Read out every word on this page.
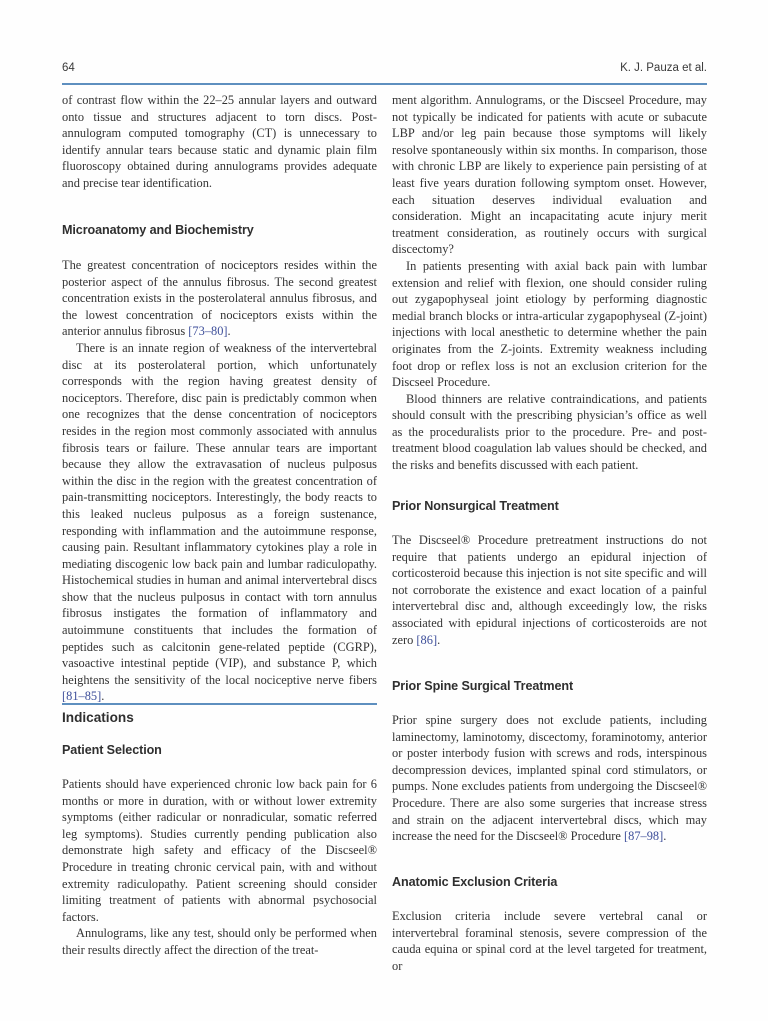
64	K. J. Pauza et al.

of contrast flow within the 22–25 annular layers and outward onto tissue and structures adjacent to torn discs. Post-annulogram computed tomography (CT) is unnecessary to identify annular tears because static and dynamic plain film fluoroscopy obtained during annulograms provides adequate and precise tear identification.

Microanatomy and Biochemistry

The greatest concentration of nociceptors resides within the posterior aspect of the annulus fibrosus. The second greatest concentration exists in the posterolateral annulus fibrosus, and the lowest concentration of nociceptors exists within the anterior annulus fibrosus [73–80].

There is an innate region of weakness of the intervertebral disc at its posterolateral portion, which unfortunately corresponds with the region having greatest density of nociceptors. Therefore, disc pain is predictably common when one recognizes that the dense concentration of nociceptors resides in the region most commonly associated with annulus fibrosis tears or failure. These annular tears are important because they allow the extravasation of nucleus pulposus within the disc in the region with the greatest concentration of pain-transmitting nociceptors. Interestingly, the body reacts to this leaked nucleus pulposus as a foreign sustenance, responding with inflammation and the autoimmune response, causing pain. Resultant inflammatory cytokines play a role in mediating discogenic low back pain and lumbar radiculopathy. Histochemical studies in human and animal intervertebral discs show that the nucleus pulposus in contact with torn annulus fibrosus instigates the formation of inflammatory and autoimmune constituents that includes the formation of peptides such as calcitonin gene-related peptide (CGRP), vasoactive intestinal peptide (VIP), and substance P, which heightens the sensitivity of the local nociceptive nerve fibers [81–85].

Indications
Patient Selection

Patients should have experienced chronic low back pain for 6 months or more in duration, with or without lower extremity symptoms (either radicular or nonradicular, somatic referred leg symptoms). Studies currently pending publication also demonstrate high safety and efficacy of the Discseel® Procedure in treating chronic cervical pain, with and without extremity radiculopathy. Patient screening should consider limiting treatment of patients with abnormal psychosocial factors.

Annulograms, like any test, should only be performed when their results directly affect the direction of the treat-

ment algorithm. Annulograms, or the Discseel Procedure, may not typically be indicated for patients with acute or subacute LBP and/or leg pain because those symptoms will likely resolve spontaneously within six months. In comparison, those with chronic LBP are likely to experience pain persisting of at least five years duration following symptom onset. However, each situation deserves individual evaluation and consideration. Might an incapacitating acute injury merit treatment consideration, as routinely occurs with surgical discectomy?

In patients presenting with axial back pain with lumbar extension and relief with flexion, one should consider ruling out zygapophyseal joint etiology by performing diagnostic medial branch blocks or intra-articular zygapophyseal (Z-joint) injections with local anesthetic to determine whether the pain originates from the Z-joints. Extremity weakness including foot drop or reflex loss is not an exclusion criterion for the Discseel Procedure.

Blood thinners are relative contraindications, and patients should consult with the prescribing physician’s office as well as the proceduralists prior to the procedure. Pre- and post-treatment blood coagulation lab values should be checked, and the risks and benefits discussed with each patient.

Prior Nonsurgical Treatment

The Discseel® Procedure pretreatment instructions do not require that patients undergo an epidural injection of corticosteroid because this injection is not site specific and will not corroborate the existence and exact location of a painful intervertebral disc and, although exceedingly low, the risks associated with epidural injections of corticosteroids are not zero [86].

Prior Spine Surgical Treatment

Prior spine surgery does not exclude patients, including laminectomy, laminotomy, discectomy, foraminotomy, anterior or poster interbody fusion with screws and rods, interspinous decompression devices, implanted spinal cord stimulators, or pumps. None excludes patients from undergoing the Discseel® Procedure. There are also some surgeries that increase stress and strain on the adjacent intervertebral discs, which may increase the need for the Discseel® Procedure [87–98].

Anatomic Exclusion Criteria

Exclusion criteria include severe vertebral canal or intervertebral foraminal stenosis, severe compression of the cauda equina or spinal cord at the level targeted for treatment, or
